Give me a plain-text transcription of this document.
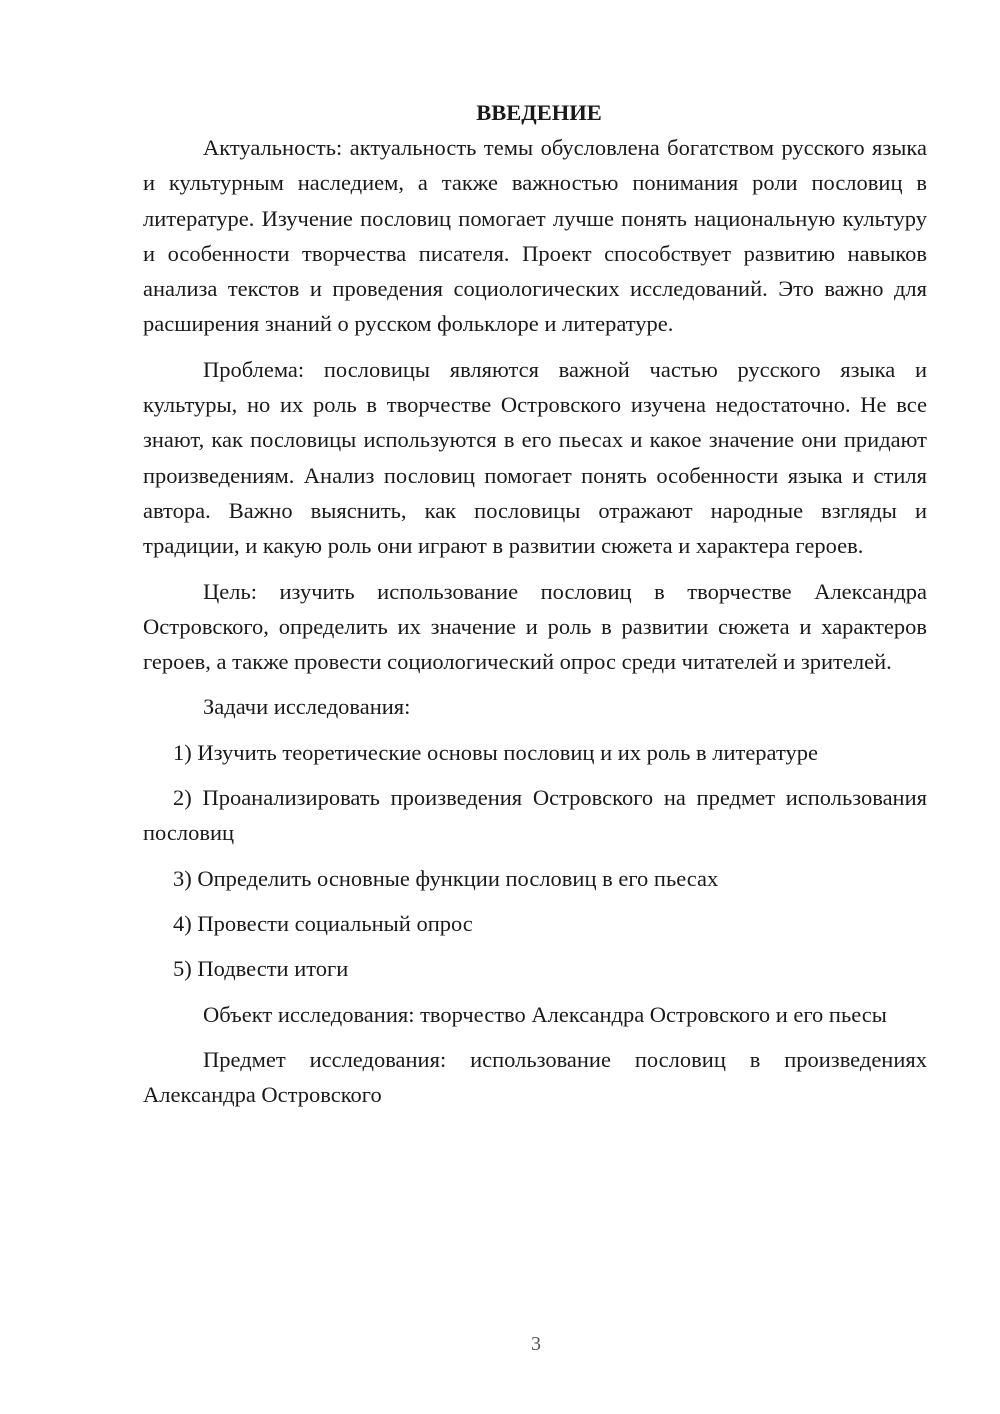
ВВЕДЕНИЕ

Актуальность: актуальность темы обусловлена богатством русского языка и культурным наследием, а также важностью понимания роли пословиц в литературе. Изучение пословиц помогает лучше понять национальную культуру и особенности творчества писателя. Проект способствует развитию навыков анализа текстов и проведения социологических исследований. Это важно для расширения знаний о русском фольклоре и литературе.

Проблема: пословицы являются важной частью русского языка и культуры, но их роль в творчестве Островского изучена недостаточно. Не все знают, как пословицы используются в его пьесах и какое значение они придают произведениям. Анализ пословиц помогает понять особенности языка и стиля автора. Важно выяснить, как пословицы отражают народные взгляды и традиции, и какую роль они играют в развитии сюжета и характера героев.

Цель: изучить использование пословиц в творчестве Александра Островского, определить их значение и роль в развитии сюжета и характеров героев, а также провести социологический опрос среди читателей и зрителей.

Задачи исследования:

1) Изучить теоретические основы пословиц и их роль в литературе

2) Проанализировать произведения Островского на предмет использования пословиц

3) Определить основные функции пословиц в его пьесах

4) Провести социальный опрос

5) Подвести итоги

Объект исследования: творчество Александра Островского и его пьесы

Предмет исследования: использование пословиц в произведениях Александра Островского

3
